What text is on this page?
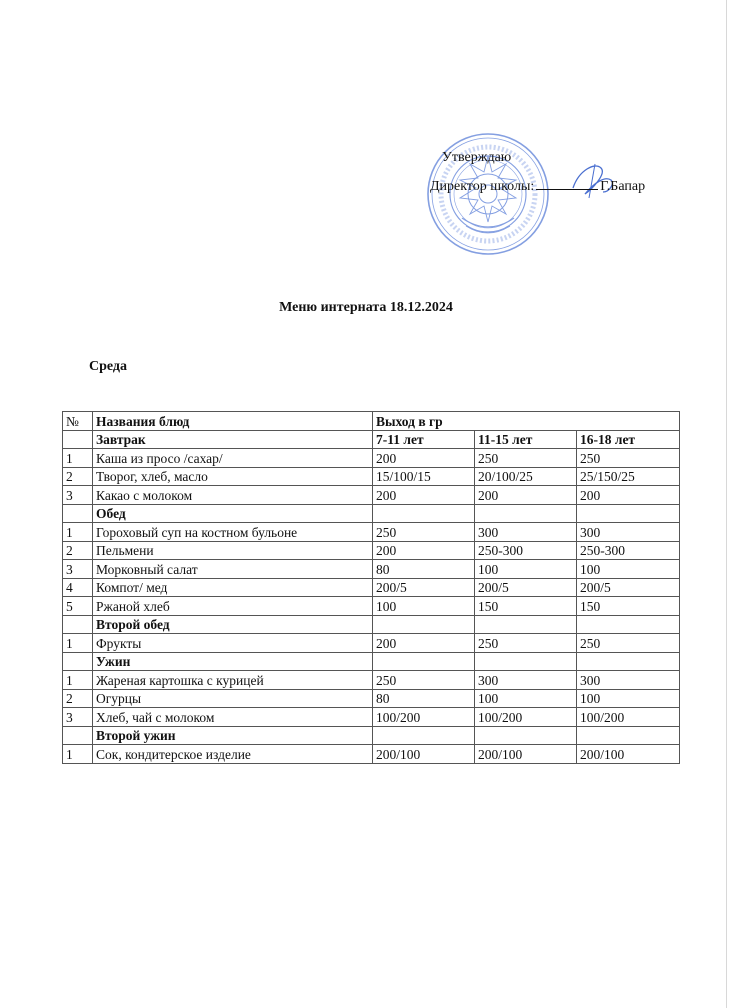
Утверждаю
Директор школы:	Г.Бапар
Меню интерната 18.12.2024
Среда
№	Названия блюд	Выход в гр		
	Завтрак	7-11 лет	11-15 лет	16-18 лет
1	Каша из просо /сахар/	200	250	250
2	Творог, хлеб, масло	15/100/15	20/100/25	25/150/25
3	Какао с молоком	200	200	200
	Обед			
1	Гороховый суп на костном бульоне	250	300	300
2	Пельмени	200	250-300	250-300
3	Морковный салат	80	100	100
4	Компот/ мед	200/5	200/5	200/5
5	Ржаной хлеб	100	150	150
	Второй обед			
1	Фрукты	200	250	250
	Ужин			
1	Жареная картошка с курицей	250	300	300
2	Огурцы	80	100	100
3	Хлеб, чай с молоком	100/200	100/200	100/200
	Второй ужин			
1	Сок, кондитерское изделие	200/100	200/100	200/100
